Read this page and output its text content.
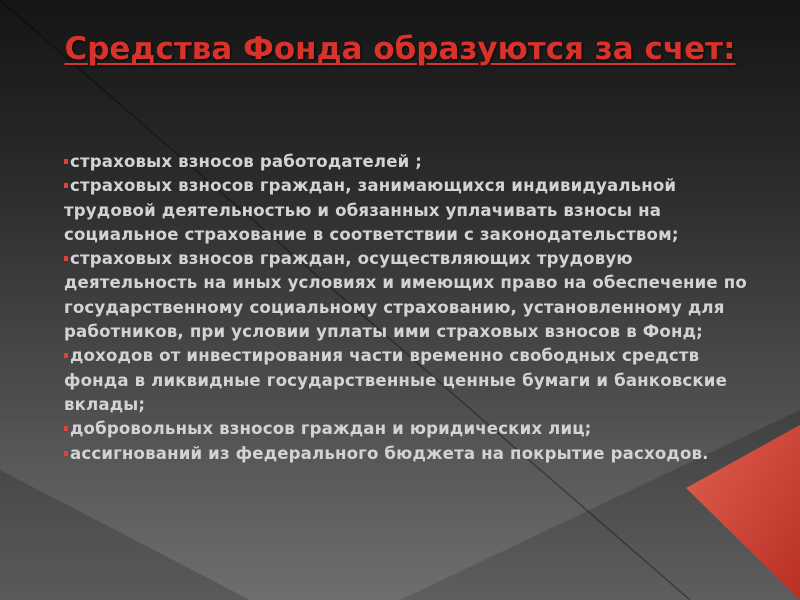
Средства Фонда образуются за счет:
страховых взносов работодателей ;
страховых взносов граждан, занимающихся индивидуальной трудовой деятельностью и обязанных уплачивать взносы на социальное страхование в соответствии с законодательством;
страховых взносов граждан, осуществляющих трудовую деятельность на иных условиях и имеющих право на обеспечение по государственному социальному страхованию, установленному для работников, при условии уплаты ими страховых взносов в Фонд;
доходов от инвестирования части временно свободных средств фонда в ликвидные государственные ценные бумаги и банковские вклады;
добровольных взносов граждан и юридических лиц;
ассигнований из федерального бюджета на покрытие расходов.
